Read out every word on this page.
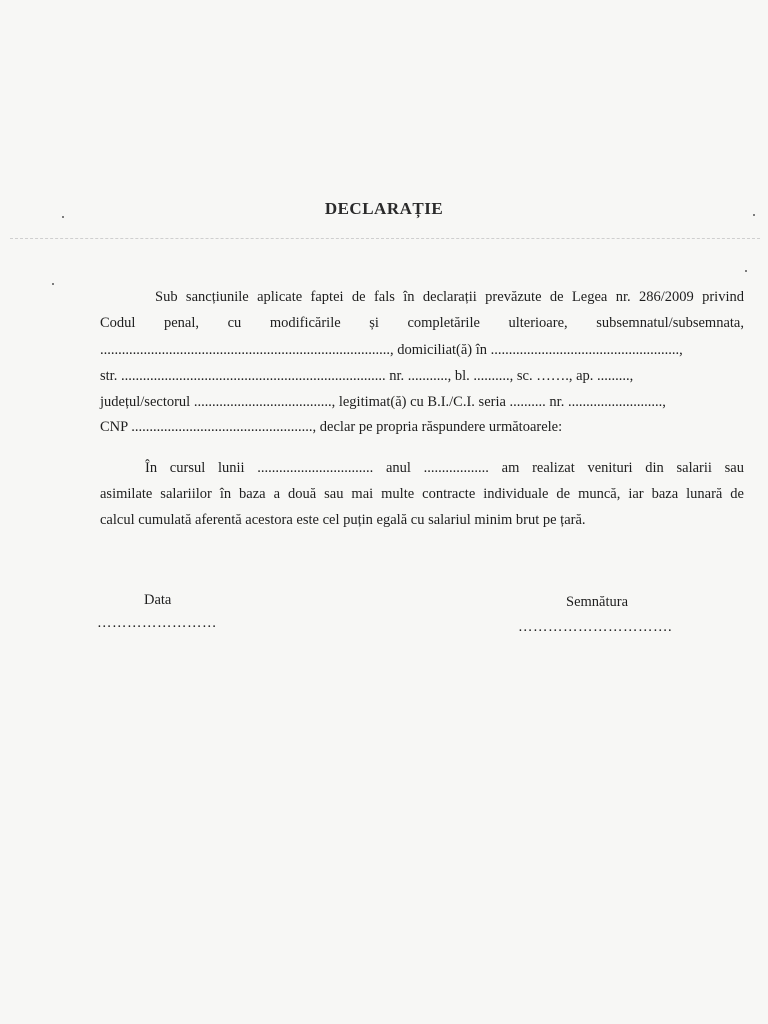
DECLARAȚIE
Sub sancțiunile aplicate faptei de fals în declarații prevăzute de Legea nr. 286/2009 privind
Codul penal, cu modificările și completările ulterioare, subsemnatul/subsemnata,
................................................................................, domiciliat(ă) în ....................................................,
str. ......................................................................... nr. ..........., bl. .........., sc. ……., ap. .........,
județul/sectorul ......................................, legitimat(ă) cu B.I./C.I. seria .......... nr. ..........................,
CNP .................................................., declar pe propria răspundere următoarele:
În cursul lunii ................................ anul .................. am realizat venituri din salarii sau
asimilate salariilor în baza a două sau mai multe contracte individuale de muncă, iar baza lunară de
calcul cumulată aferentă acestora este cel puțin egală cu salariul minim brut pe țară.
Data
……………………
Semnătura
………………………….
